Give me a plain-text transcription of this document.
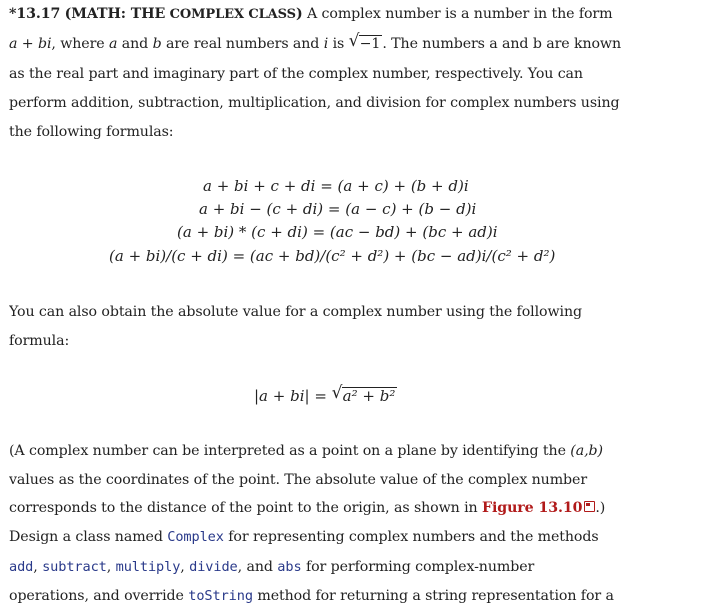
*13.17 (MATH: THE COMPLEX CLASS) A complex number is a number in the form
a + bi, where a and b are real numbers and i is √ −1 . The numbers a and b are known
as the real part and imaginary part of the complex number, respectively. You can
perform addition, subtraction, multiplication, and division for complex numbers using
the following formulas:
a + bi + c + di = (a + c) + (b + d)i
a + bi − (c + di) = (a − c) + (b − d)i
(a + bi) * (c + di) = (ac − bd) + (bc + ad)i
(a + bi)/(c + di) = (ac + bd)/(c² + d²) + (bc − ad)i/(c² + d²)
You can also obtain the absolute value for a complex number using the following
formula:
|a + bi| = √ a² + b²
(A complex number can be interpreted as a point on a plane by identifying the (a,b)
values as the coordinates of the point. The absolute value of the complex number
corresponds to the distance of the point to the origin, as shown in Figure 13.10 .)
Design a class named Complex for representing complex numbers and the methods
add, subtract, multiply, divide, and abs for performing complex-number
operations, and override toString method for returning a string representation for a
